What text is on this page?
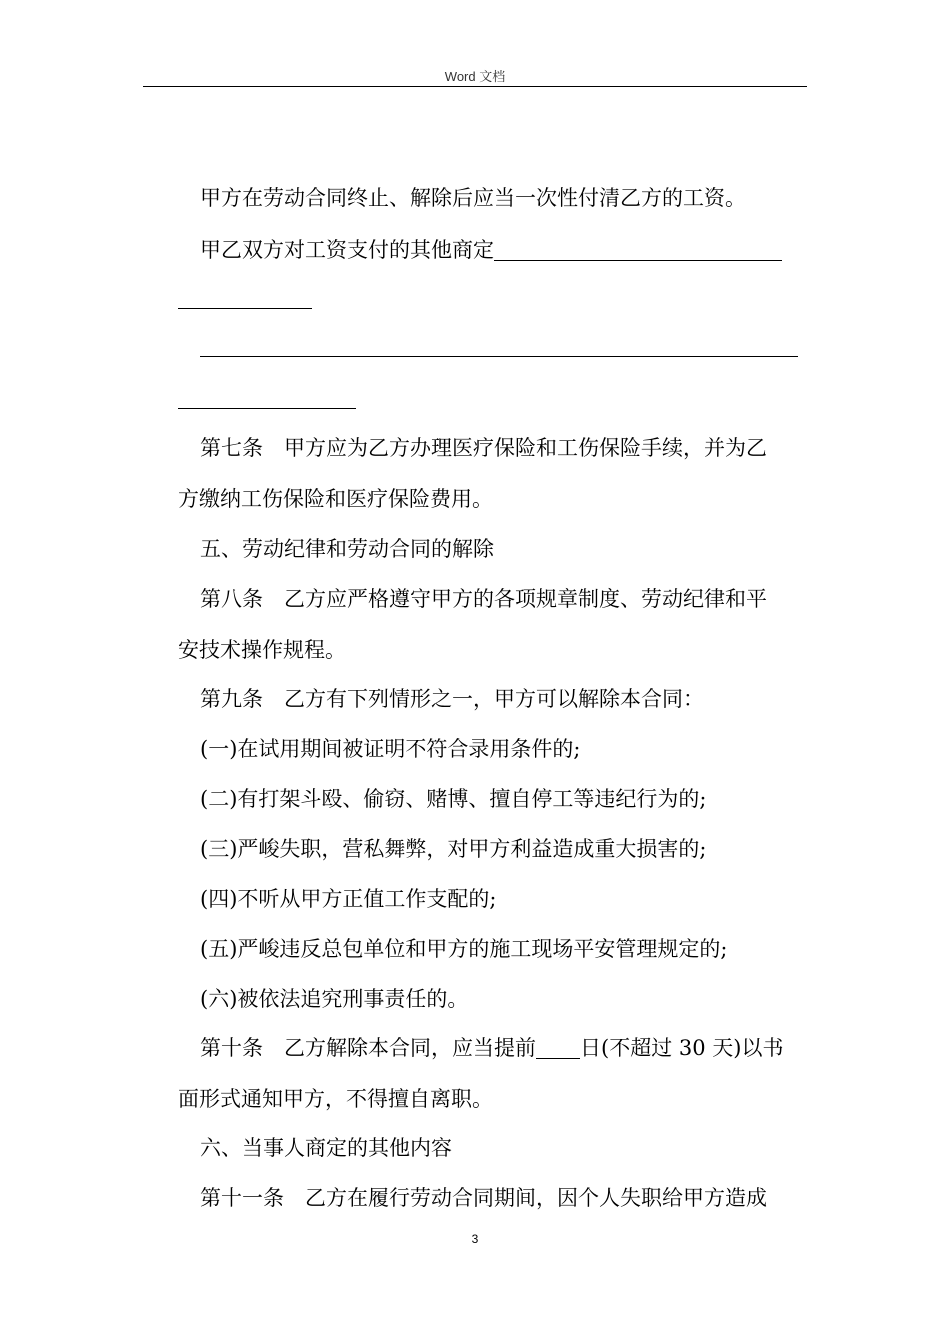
Word 文档
甲方在劳动合同终止、解除后应当一次性付清乙方的工资。
甲乙双方对工资支付的其他商定
第七条　甲方应为乙方办理医疗保险和工伤保险手续，并为乙
方缴纳工伤保险和医疗保险费用。
五、劳动纪律和劳动合同的解除
第八条　乙方应严格遵守甲方的各项规章制度、劳动纪律和平
安技术操作规程。
第九条　乙方有下列情形之一，甲方可以解除本合同：
(一)在试用期间被证明不符合录用条件的;
(二)有打架斗殴、偷窃、赌博、擅自停工等违纪行为的;
(三)严峻失职，营私舞弊，对甲方利益造成重大损害的;
(四)不听从甲方正值工作支配的;
(五)严峻违反总包单位和甲方的施工现场平安管理规定的;
(六)被依法追究刑事责任的。
第十条　乙方解除本合同，应当提前 日(不超过 30 天)以书
面形式通知甲方，不得擅自离职。
六、当事人商定的其他内容
第十一条　乙方在履行劳动合同期间，因个人失职给甲方造成
3
